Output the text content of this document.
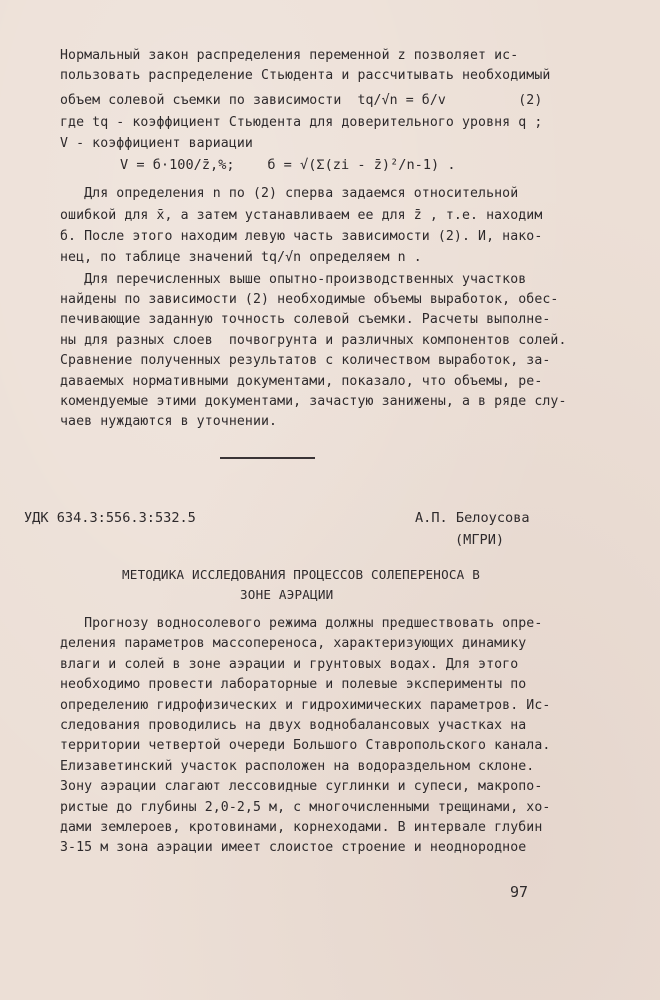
Нормальный закон распределения переменной z позволяет ис-
пользовать распределение Стьюдента и рассчитывать необходимый
объем солевой съемки по зависимости  tq/√n = б/v         (2)
где tq - коэффициент Стьюдента для доверительного уровня q ;
V - коэффициент вариации
V = б·100/z̄,%;    б = √(Σ(zi - z̄)²/n-1) .
Для определения n по (2) сперва задаемся относительной
ошибкой для x̄, а затем устанавливаем ее для z̄ , т.е. находим
б. После этого находим левую часть зависимости (2). И, нако-
нец, по таблице значений tq/√n определяем n .
Для перечисленных выше опытно-производственных участков
найдены по зависимости (2) необходимые объемы выработок, обес-
печивающие заданную точность солевой съемки. Расчеты выполне-
ны для разных слоев  почвогрунта и различных компонентов солей.
Сравнение полученных результатов с количеством выработок, за-
даваемых нормативными документами, показало, что объемы, ре-
комендуемые этими документами, зачастую занижены, а в ряде слу-
чаев нуждаются в уточнении.
УДК 634.3:556.3:532.5	А.П. Белоусова
(МГРИ)
МЕТОДИКА ИССЛЕДОВАНИЯ ПРОЦЕССОВ СОЛЕПЕРЕНОСА В
ЗОНЕ АЭРАЦИИ
Прогнозу водносолевого режима должны предшествовать опре-
деления параметров массопереноса, характеризующих динамику
влаги и солей в зоне аэрации и грунтовых водах. Для этого
необходимо провести лабораторные и полевые эксперименты по
определению гидрофизических и гидрохимических параметров. Ис-
следования проводились на двух воднобалансовых участках на
территории четвертой очереди Большого Ставропольского канала.
Елизаветинский участок расположен на водораздельном склоне.
Зону аэрации слагают лессовидные суглинки и супеси, макропо-
ристые до глубины 2,0-2,5 м, с многочисленными трещинами, хо-
дами землероев, кротовинами, корнеходами. В интервале глубин
3-15 м зона аэрации имеет слоистое строение и неоднородное
97
